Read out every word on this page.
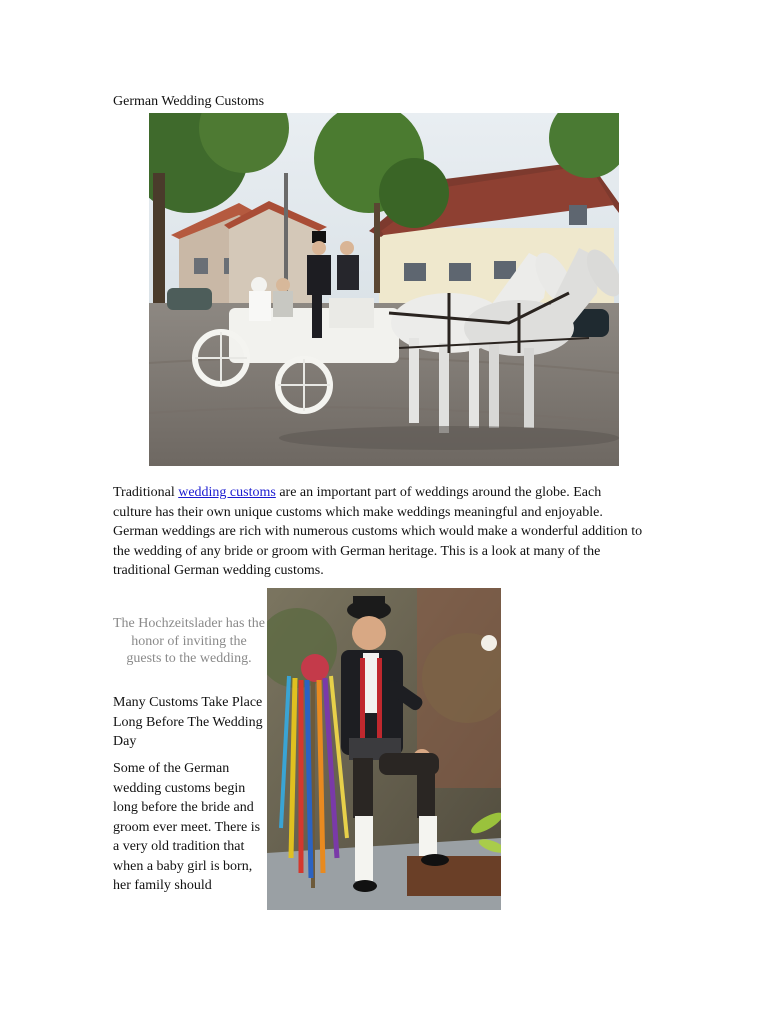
German Wedding Customs

Traditional wedding customs are an important part of weddings around the globe. Each culture has their own unique customs which make weddings meaningful and enjoyable. German weddings are rich with numerous customs which would make a wonderful addition to the wedding of any bride or groom with German heritage. This is a look at many of the traditional German wedding customs.

The Hochzeitslader has the honor of inviting the guests to the wedding.

Many Customs Take Place Long Before The Wedding Day

Some of the German wedding customs begin long before the bride and groom ever meet. There is a very old tradition that when a baby girl is born, her family should
